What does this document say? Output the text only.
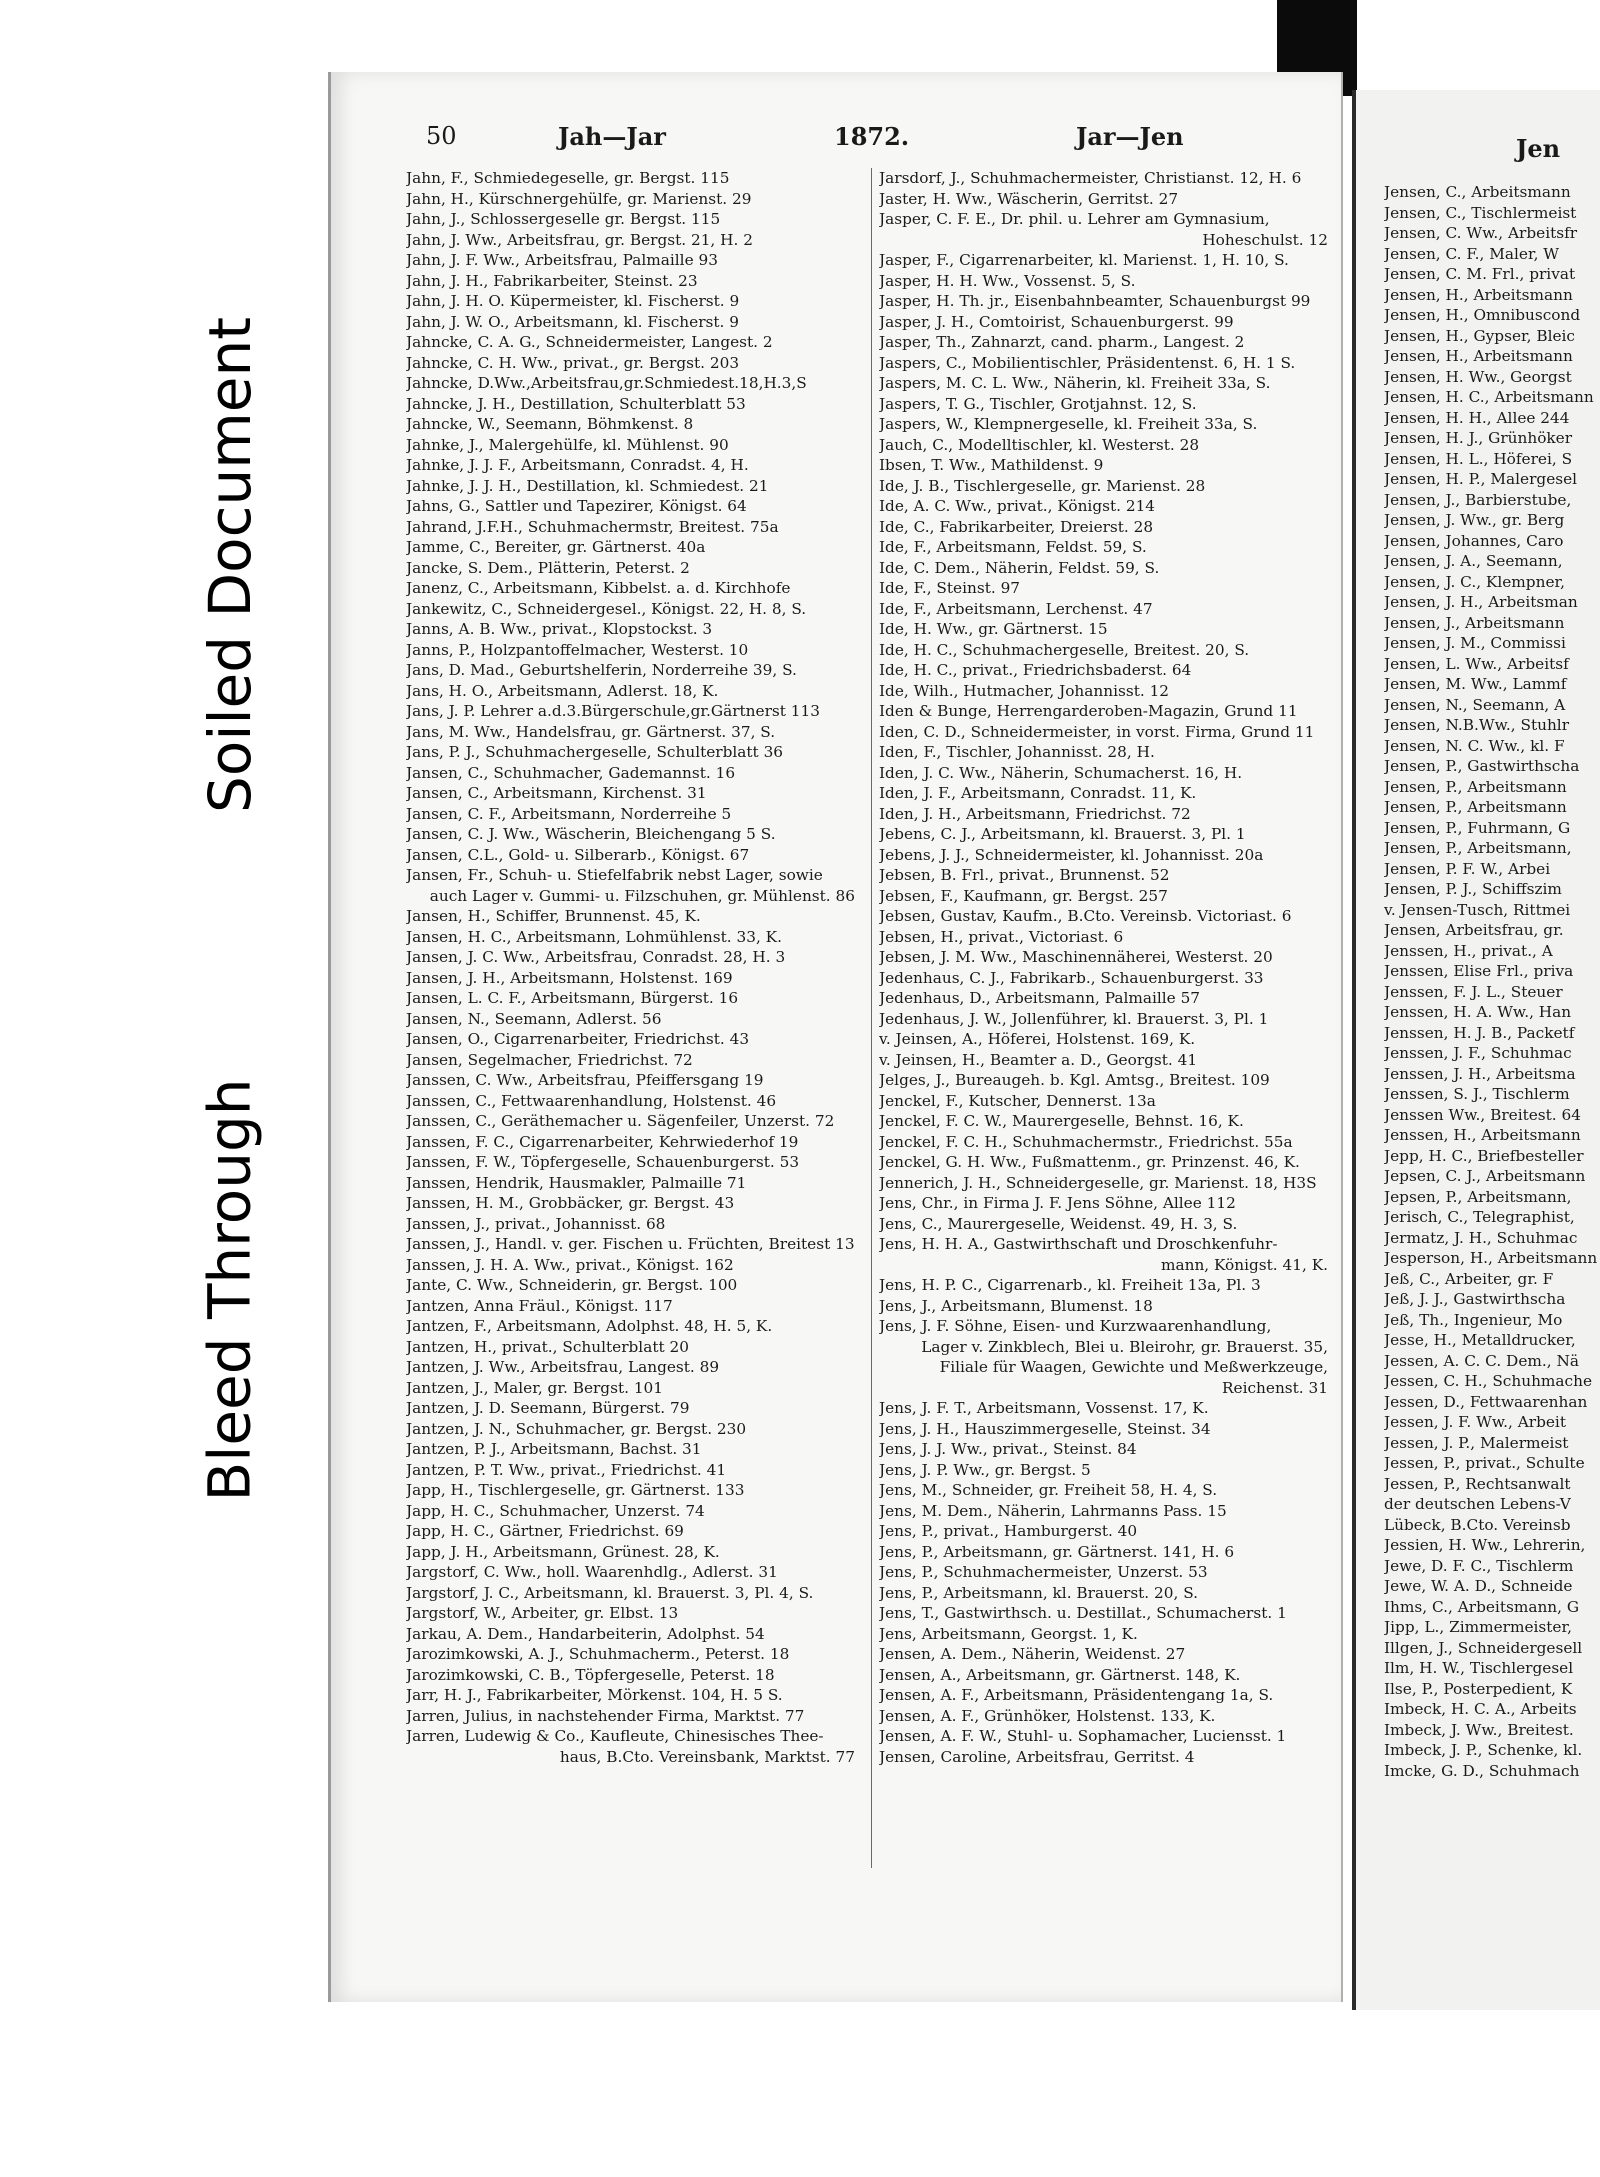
Soiled Document
Bleed Through
50	Jah—Jar	1872.	Jar—Jen
Jahn, F., Schmiedegeselle, gr. Bergst. 115
Jahn, H., Kürschnergehülfe, gr. Marienst. 29
Jahn, J., Schlossergeselle gr. Bergst. 115
Jahn, J. Ww., Arbeitsfrau, gr. Bergst. 21, H. 2
Jahn, J. F. Ww., Arbeitsfrau, Palmaille 93
Jahn, J. H., Fabrikarbeiter, Steinst. 23
Jahn, J. H. O. Küpermeister, kl. Fischerst. 9
Jahn, J. W. O., Arbeitsmann, kl. Fischerst. 9
Jahncke, C. A. G., Schneidermeister, Langest. 2
Jahncke, C. H. Ww., privat., gr. Bergst. 203
Jahncke, D.Ww.,Arbeitsfrau,gr.Schmiedest.18,H.3,S
Jahncke, J. H., Destillation, Schulterblatt 53
Jahncke, W., Seemann, Böhmkenst. 8
Jahnke, J., Malergehülfe, kl. Mühlenst. 90
Jahnke, J. J. F., Arbeitsmann, Conradst. 4, H.
Jahnke, J. J. H., Destillation, kl. Schmiedest. 21
Jahns, G., Sattler und Tapezirer, Königst. 64
Jahrand, J.F.H., Schuhmachermstr, Breitest. 75a
Jamme, C., Bereiter, gr. Gärtnerst. 40a
Jancke, S. Dem., Plätterin, Peterst. 2
Janenz, C., Arbeitsmann, Kibbelst. a. d. Kirchhofe
Jankewitz, C., Schneidergesel., Königst. 22, H. 8, S.
Janns, A. B. Ww., privat., Klopstockst. 3
Janns, P., Holzpantoffelmacher, Westerst. 10
Jans, D. Mad., Geburtshelferin, Norderreihe 39, S.
Jans, H. O., Arbeitsmann, Adlerst. 18, K.
Jans, J. P. Lehrer a.d.3.Bürgerschule,gr.Gärtnerst 113
Jans, M. Ww., Handelsfrau, gr. Gärtnerst. 37, S.
Jans, P. J., Schuhmachergeselle, Schulterblatt 36
Jansen, C., Schuhmacher, Gademannst. 16
Jansen, C., Arbeitsmann, Kirchenst. 31
Jansen, C. F., Arbeitsmann, Norderreihe 5
Jansen, C. J. Ww., Wäscherin, Bleichengang 5 S.
Jansen, C.L., Gold- u. Silberarb., Königst. 67
Jansen, Fr., Schuh- u. Stiefelfabrik nebst Lager, sowie
auch Lager v. Gummi- u. Filzschuhen, gr. Mühlenst. 86
Jansen, H., Schiffer, Brunnenst. 45, K.
Jansen, H. C., Arbeitsmann, Lohmühlenst. 33, K.
Jansen, J. C. Ww., Arbeitsfrau, Conradst. 28, H. 3
Jansen, J. H., Arbeitsmann, Holstenst. 169
Jansen, L. C. F., Arbeitsmann, Bürgerst. 16
Jansen, N., Seemann, Adlerst. 56
Jansen, O., Cigarrenarbeiter, Friedrichst. 43
Jansen, Segelmacher, Friedrichst. 72
Janssen, C. Ww., Arbeitsfrau, Pfeiffersgang 19
Janssen, C., Fettwaarenhandlung, Holstenst. 46
Janssen, C., Geräthemacher u. Sägenfeiler, Unzerst. 72
Janssen, F. C., Cigarrenarbeiter, Kehrwiederhof 19
Janssen, F. W., Töpfergeselle, Schauenburgerst. 53
Janssen, Hendrik, Hausmakler, Palmaille 71
Janssen, H. M., Grobbäcker, gr. Bergst. 43
Janssen, J., privat., Johannisst. 68
Janssen, J., Handl. v. ger. Fischen u. Früchten, Breitest 13
Janssen, J. H. A. Ww., privat., Königst. 162
Jante, C. Ww., Schneiderin, gr. Bergst. 100
Jantzen, Anna Fräul., Königst. 117
Jantzen, F., Arbeitsmann, Adolphst. 48, H. 5, K.
Jantzen, H., privat., Schulterblatt 20
Jantzen, J. Ww., Arbeitsfrau, Langest. 89
Jantzen, J., Maler, gr. Bergst. 101
Jantzen, J. D. Seemann, Bürgerst. 79
Jantzen, J. N., Schuhmacher, gr. Bergst. 230
Jantzen, P. J., Arbeitsmann, Bachst. 31
Jantzen, P. T. Ww., privat., Friedrichst. 41
Japp, H., Tischlergeselle, gr. Gärtnerst. 133
Japp, H. C., Schuhmacher, Unzerst. 74
Japp, H. C., Gärtner, Friedrichst. 69
Japp, J. H., Arbeitsmann, Grünest. 28, K.
Jargstorf, C. Ww., holl. Waarenhdlg., Adlerst. 31
Jargstorf, J. C., Arbeitsmann, kl. Brauerst. 3, Pl. 4, S.
Jargstorf, W., Arbeiter, gr. Elbst. 13
Jarkau, A. Dem., Handarbeiterin, Adolphst. 54
Jarozimkowski, A. J., Schuhmacherm., Peterst. 18
Jarozimkowski, C. B., Töpfergeselle, Peterst. 18
Jarr, H. J., Fabrikarbeiter, Mörkenst. 104, H. 5 S.
Jarren, Julius, in nachstehender Firma, Marktst. 77
Jarren, Ludewig & Co., Kaufleute, Chinesisches Thee-
haus, B.Cto. Vereinsbank, Marktst. 77
Jarsdorf, J., Schuhmachermeister, Christianst. 12, H. 6
Jaster, H. Ww., Wäscherin, Gerritst. 27
Jasper, C. F. E., Dr. phil. u. Lehrer am Gymnasium,
Hoheschulst. 12
Jasper, F., Cigarrenarbeiter, kl. Marienst. 1, H. 10, S.
Jasper, H. H. Ww., Vossenst. 5, S.
Jasper, H. Th. jr., Eisenbahnbeamter, Schauenburgst 99
Jasper, J. H., Comtoirist, Schauenburgerst. 99
Jasper, Th., Zahnarzt, cand. pharm., Langest. 2
Jaspers, C., Mobilientischler, Präsidentenst. 6, H. 1 S.
Jaspers, M. C. L. Ww., Näherin, kl. Freiheit 33a, S.
Jaspers, T. G., Tischler, Grotjahnst. 12, S.
Jaspers, W., Klempnergeselle, kl. Freiheit 33a, S.
Jauch, C., Modelltischler, kl. Westerst. 28
Ibsen, T. Ww., Mathildenst. 9
Ide, J. B., Tischlergeselle, gr. Marienst. 28
Ide, A. C. Ww., privat., Königst. 214
Ide, C., Fabrikarbeiter, Dreierst. 28
Ide, F., Arbeitsmann, Feldst. 59, S.
Ide, C. Dem., Näherin, Feldst. 59, S.
Ide, F., Steinst. 97
Ide, F., Arbeitsmann, Lerchenst. 47
Ide, H. Ww., gr. Gärtnerst. 15
Ide, H. C., Schuhmachergeselle, Breitest. 20, S.
Ide, H. C., privat., Friedrichsbaderst. 64
Ide, Wilh., Hutmacher, Johannisst. 12
Iden & Bunge, Herrengarderoben-Magazin, Grund 11
Iden, C. D., Schneidermeister, in vorst. Firma, Grund 11
Iden, F., Tischler, Johannisst. 28, H.
Iden, J. C. Ww., Näherin, Schumacherst. 16, H.
Iden, J. F., Arbeitsmann, Conradst. 11, K.
Iden, J. H., Arbeitsmann, Friedrichst. 72
Jebens, C. J., Arbeitsmann, kl. Brauerst. 3, Pl. 1
Jebens, J. J., Schneidermeister, kl. Johannisst. 20a
Jebsen, B. Frl., privat., Brunnenst. 52
Jebsen, F., Kaufmann, gr. Bergst. 257
Jebsen, Gustav, Kaufm., B.Cto. Vereinsb. Victoriast. 6
Jebsen, H., privat., Victoriast. 6
Jebsen, J. M. Ww., Maschinennäherei, Westerst. 20
Jedenhaus, C. J., Fabrikarb., Schauenburgerst. 33
Jedenhaus, D., Arbeitsmann, Palmaille 57
Jedenhaus, J. W., Jollenführer, kl. Brauerst. 3, Pl. 1
v. Jeinsen, A., Höferei, Holstenst. 169, K.
v. Jeinsen, H., Beamter a. D., Georgst. 41
Jelges, J., Bureaugeh. b. Kgl. Amtsg., Breitest. 109
Jenckel, F., Kutscher, Dennerst. 13a
Jenckel, F. C. W., Maurergeselle, Behnst. 16, K.
Jenckel, F. C. H., Schuhmachermstr., Friedrichst. 55a
Jenckel, G. H. Ww., Fußmattenm., gr. Prinzenst. 46, K.
Jennerich, J. H., Schneidergeselle, gr. Marienst. 18, H3S
Jens, Chr., in Firma J. F. Jens Söhne, Allee 112
Jens, C., Maurergeselle, Weidenst. 49, H. 3, S.
Jens, H. H. A., Gastwirthschaft und Droschkenfuhr-
mann, Königst. 41, K.
Jens, H. P. C., Cigarrenarb., kl. Freiheit 13a, Pl. 3
Jens, J., Arbeitsmann, Blumenst. 18
Jens, J. F. Söhne, Eisen- und Kurzwaarenhandlung,
Lager v. Zinkblech, Blei u. Bleirohr, gr. Brauerst. 35,
Filiale für Waagen, Gewichte und Meßwerkzeuge,
Reichenst. 31
Jens, J. F. T., Arbeitsmann, Vossenst. 17, K.
Jens, J. H., Hauszimmergeselle, Steinst. 34
Jens, J. J. Ww., privat., Steinst. 84
Jens, J. P. Ww., gr. Bergst. 5
Jens, M., Schneider, gr. Freiheit 58, H. 4, S.
Jens, M. Dem., Näherin, Lahrmanns Pass. 15
Jens, P., privat., Hamburgerst. 40
Jens, P., Arbeitsmann, gr. Gärtnerst. 141, H. 6
Jens, P., Schuhmachermeister, Unzerst. 53
Jens, P., Arbeitsmann, kl. Brauerst. 20, S.
Jens, T., Gastwirthsch. u. Destillat., Schumacherst. 1
Jens, Arbeitsmann, Georgst. 1, K.
Jensen, A. Dem., Näherin, Weidenst. 27
Jensen, A., Arbeitsmann, gr. Gärtnerst. 148, K.
Jensen, A. F., Arbeitsmann, Präsidentengang 1a, S.
Jensen, A. F., Grünhöker, Holstenst. 133, K.
Jensen, A. F. W., Stuhl- u. Sophamacher, Luciensst. 1
Jensen, Caroline, Arbeitsfrau, Gerritst. 4
Jen
Jensen, C., Arbeitsmann
Jensen, C., Tischlermeist
Jensen, C. Ww., Arbeitsfr
Jensen, C. F., Maler, W
Jensen, C. M. Frl., privat
Jensen, H., Arbeitsmann
Jensen, H., Omnibuscond
Jensen, H., Gypser, Bleic
Jensen, H., Arbeitsmann
Jensen, H. Ww., Georgst
Jensen, H. C., Arbeitsmann
Jensen, H. H., Allee 244
Jensen, H. J., Grünhöker
Jensen, H. L., Höferei, S
Jensen, H. P., Malergesel
Jensen, J., Barbierstube,
Jensen, J. Ww., gr. Berg
Jensen, Johannes, Caro
Jensen, J. A., Seemann,
Jensen, J. C., Klempner,
Jensen, J. H., Arbeitsman
Jensen, J., Arbeitsmann
Jensen, J. M., Commissi
Jensen, L. Ww., Arbeitsf
Jensen, M. Ww., Lammf
Jensen, N., Seemann, A
Jensen, N.B.Ww., Stuhlr
Jensen, N. C. Ww., kl. F
Jensen, P., Gastwirthscha
Jensen, P., Arbeitsmann
Jensen, P., Arbeitsmann
Jensen, P., Fuhrmann, G
Jensen, P., Arbeitsmann,
Jensen, P. F. W., Arbei
Jensen, P. J., Schiffszim
v. Jensen-Tusch, Rittmei
Jensen, Arbeitsfrau, gr.
Jenssen, H., privat., A
Jenssen, Elise Frl., priva
Jenssen, F. J. L., Steuer
Jenssen, H. A. Ww., Han
Jenssen, H. J. B., Packetf
Jenssen, J. F., Schuhmac
Jenssen, J. H., Arbeitsma
Jenssen, S. J., Tischlerm
Jenssen Ww., Breitest. 64
Jenssen, H., Arbeitsmann
Jepp, H. C., Briefbesteller
Jepsen, C. J., Arbeitsmann
Jepsen, P., Arbeitsmann,
Jerisch, C., Telegraphist,
Jermatz, J. H., Schuhmac
Jesperson, H., Arbeitsmann
Jeß, C., Arbeiter, gr. F
Jeß, J. J., Gastwirthscha
Jeß, Th., Ingenieur, Mo
Jesse, H., Metalldrucker,
Jessen, A. C. C. Dem., Nä
Jessen, C. H., Schuhmache
Jessen, D., Fettwaarenhan
Jessen, J. F. Ww., Arbeit
Jessen, J. P., Malermeist
Jessen, P., privat., Schulte
Jessen, P., Rechtsanwalt
der deutschen Lebens-V
Lübeck, B.Cto. Vereinsb
Jessien, H. Ww., Lehrerin,
Jewe, D. F. C., Tischlerm
Jewe, W. A. D., Schneide
Ihms, C., Arbeitsmann, G
Jipp, L., Zimmermeister,
Illgen, J., Schneidergesell
Ilm, H. W., Tischlergesel
Ilse, P., Posterpedient, K
Imbeck, H. C. A., Arbeits
Imbeck, J. Ww., Breitest.
Imbeck, J. P., Schenke, kl.
Imcke, G. D., Schuhmach
